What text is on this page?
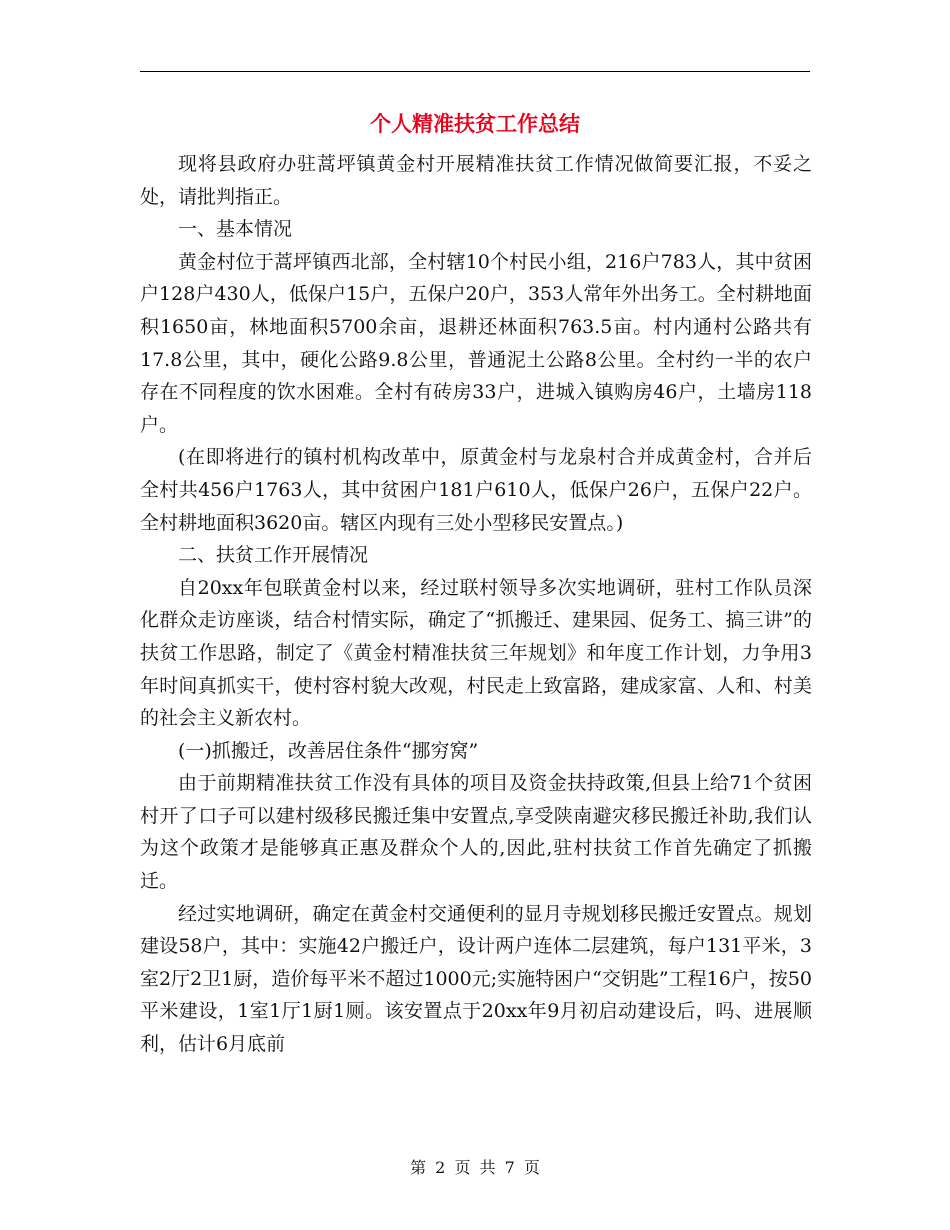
个人精准扶贫工作总结

现将县政府办驻蒿坪镇黄金村开展精准扶贫工作情况做简要汇报，不妥之处，请批判指正。

一、基本情况

黄金村位于蒿坪镇西北部，全村辖10个村民小组，216户783人，其中贫困户128户430人，低保户15户，五保户20户，353人常年外出务工。全村耕地面积1650亩，林地面积5700余亩，退耕还林面积763.5亩。村内通村公路共有17.8公里，其中，硬化公路9.8公里，普通泥土公路8公里。全村约一半的农户存在不同程度的饮水困难。全村有砖房33户，进城入镇购房46户，土墙房118户。

(在即将进行的镇村机构改革中，原黄金村与龙泉村合并成黄金村，合并后全村共456户1763人，其中贫困户181户610人，低保户26户，五保户22户。全村耕地面积3620亩。辖区内现有三处小型移民安置点。)

二、扶贫工作开展情况

自20xx年包联黄金村以来，经过联村领导多次实地调研，驻村工作队员深化群众走访座谈，结合村情实际，确定了“抓搬迁、建果园、促务工、搞三讲”的扶贫工作思路，制定了《黄金村精准扶贫三年规划》和年度工作计划，力争用3年时间真抓实干，使村容村貌大改观，村民走上致富路，建成家富、人和、村美的社会主义新农村。

(一)抓搬迁，改善居住条件“挪穷窝”

由于前期精准扶贫工作没有具体的项目及资金扶持政策,但县上给71个贫困村开了口子可以建村级移民搬迁集中安置点,享受陕南避灾移民搬迁补助,我们认为这个政策才是能够真正惠及群众个人的,因此,驻村扶贫工作首先确定了抓搬迁。

经过实地调研，确定在黄金村交通便利的显月寺规划移民搬迁安置点。规划建设58户，其中：实施42户搬迁户，设计两户连体二层建筑，每户131平米，3室2厅2卫1厨，造价每平米不超过1000元;实施特困户“交钥匙”工程16户，按50平米建设，1室1厅1厨1厕。该安置点于20xx年9月初启动建设后，吗、进展顺利，估计6月底前

第 2 页 共 7 页
